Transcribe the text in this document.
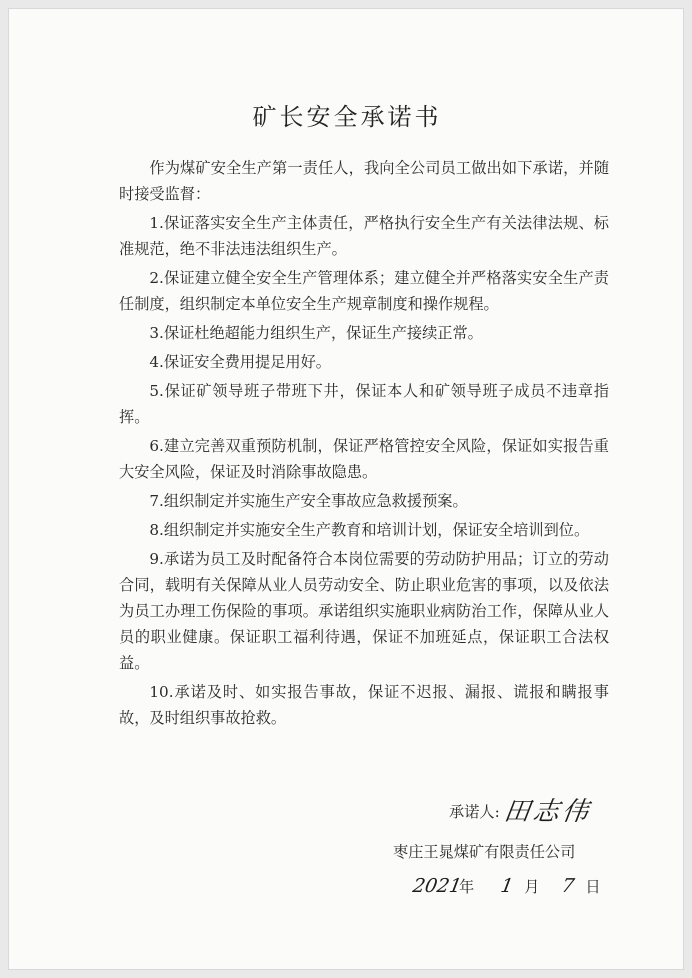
矿长安全承诺书

作为煤矿安全生产第一责任人，我向全公司员工做出如下承诺，并随时接受监督：

1.保证落实安全生产主体责任，严格执行安全生产有关法律法规、标准规范，绝不非法违法组织生产。

2.保证建立健全安全生产管理体系；建立健全并严格落实安全生产责任制度，组织制定本单位安全生产规章制度和操作规程。

3.保证杜绝超能力组织生产，保证生产接续正常。

4.保证安全费用提足用好。

5.保证矿领导班子带班下井，保证本人和矿领导班子成员不违章指挥。

6.建立完善双重预防机制，保证严格管控安全风险，保证如实报告重大安全风险，保证及时消除事故隐患。

7.组织制定并实施生产安全事故应急救援预案。

8.组织制定并实施安全生产教育和培训计划，保证安全培训到位。

9.承诺为员工及时配备符合本岗位需要的劳动防护用品；订立的劳动合同，载明有关保障从业人员劳动安全、防止职业危害的事项，以及依法为员工办理工伤保险的事项。承诺组织实施职业病防治工作，保障从业人员的职业健康。保证职工福利待遇，保证不加班延点，保证职工合法权益。

10.承诺及时、如实报告事故，保证不迟报、漏报、谎报和瞒报事故，及时组织事故抢救。

承诺人: 田志伟
枣庄王晁煤矿有限责任公司
2021
年 1 月 7 日
